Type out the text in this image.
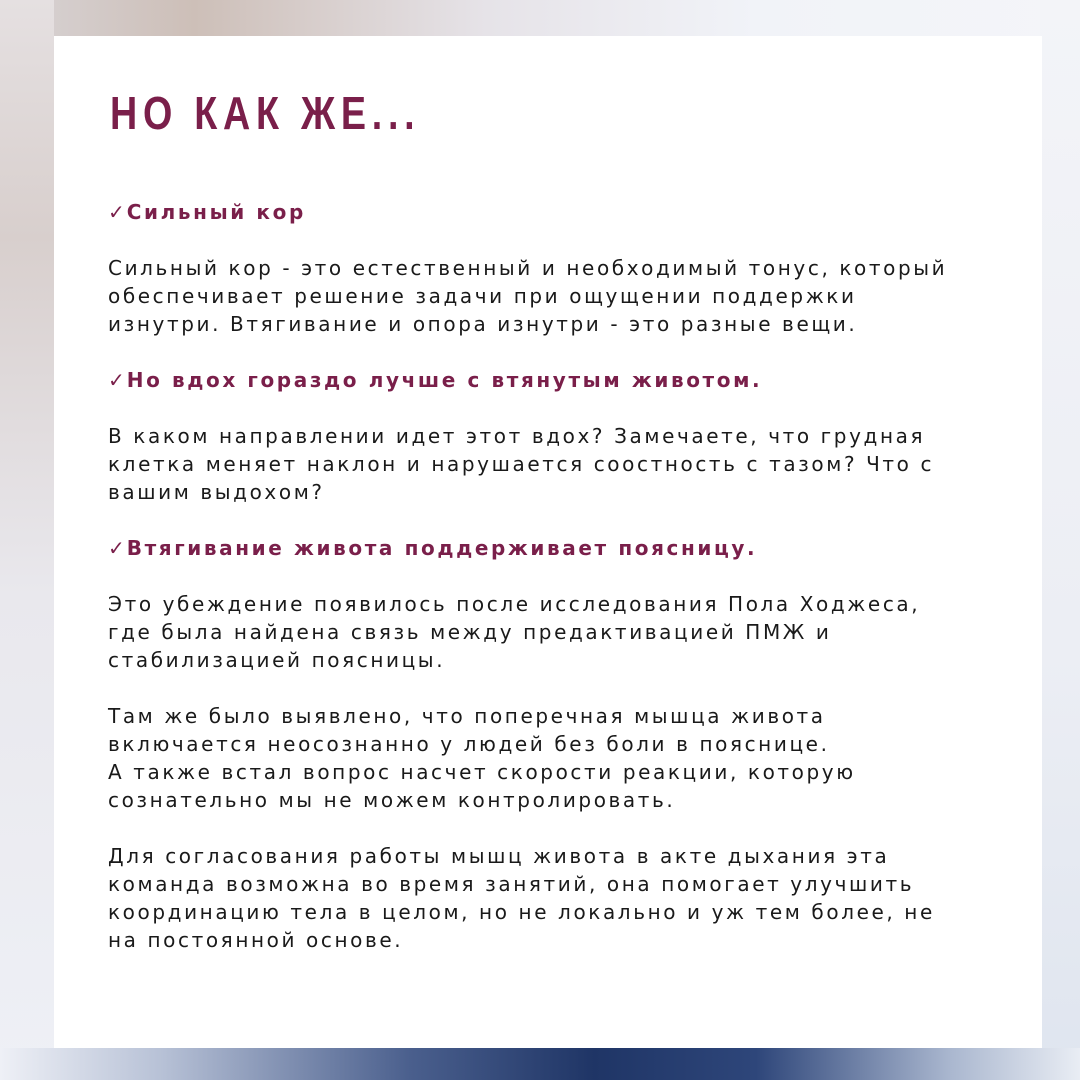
НО КАК ЖЕ...
✓ Сильный кор

Сильный кор - это естественный и необходимый тонус, который
обеспечивает решение задачи при ощущении поддержки
изнутри. Втягивание и опора изнутри - это разные вещи.

✓ Но вдох гораздо лучше с втянутым животом.

В каком направлении идет этот вдох? Замечаете, что грудная
клетка меняет наклон и нарушается соостность с тазом? Что с
вашим выдохом?

✓ Втягивание живота поддерживает поясницу.

Это убеждение появилось после исследования Пола Ходжеса,
где была найдена связь между предактивацией ПМЖ и
стабилизацией поясницы.

Там же было выявлено, что поперечная мышца живота
включается неосознанно у людей без боли в пояснице.
А также встал вопрос насчет скорости реакции, которую
сознательно мы не можем контролировать.

Для согласования работы мышц живота в акте дыхания эта
команда возможна во время занятий, она помогает улучшить
координацию тела в целом, но не локально и уж тем более, не
на постоянной основе.
